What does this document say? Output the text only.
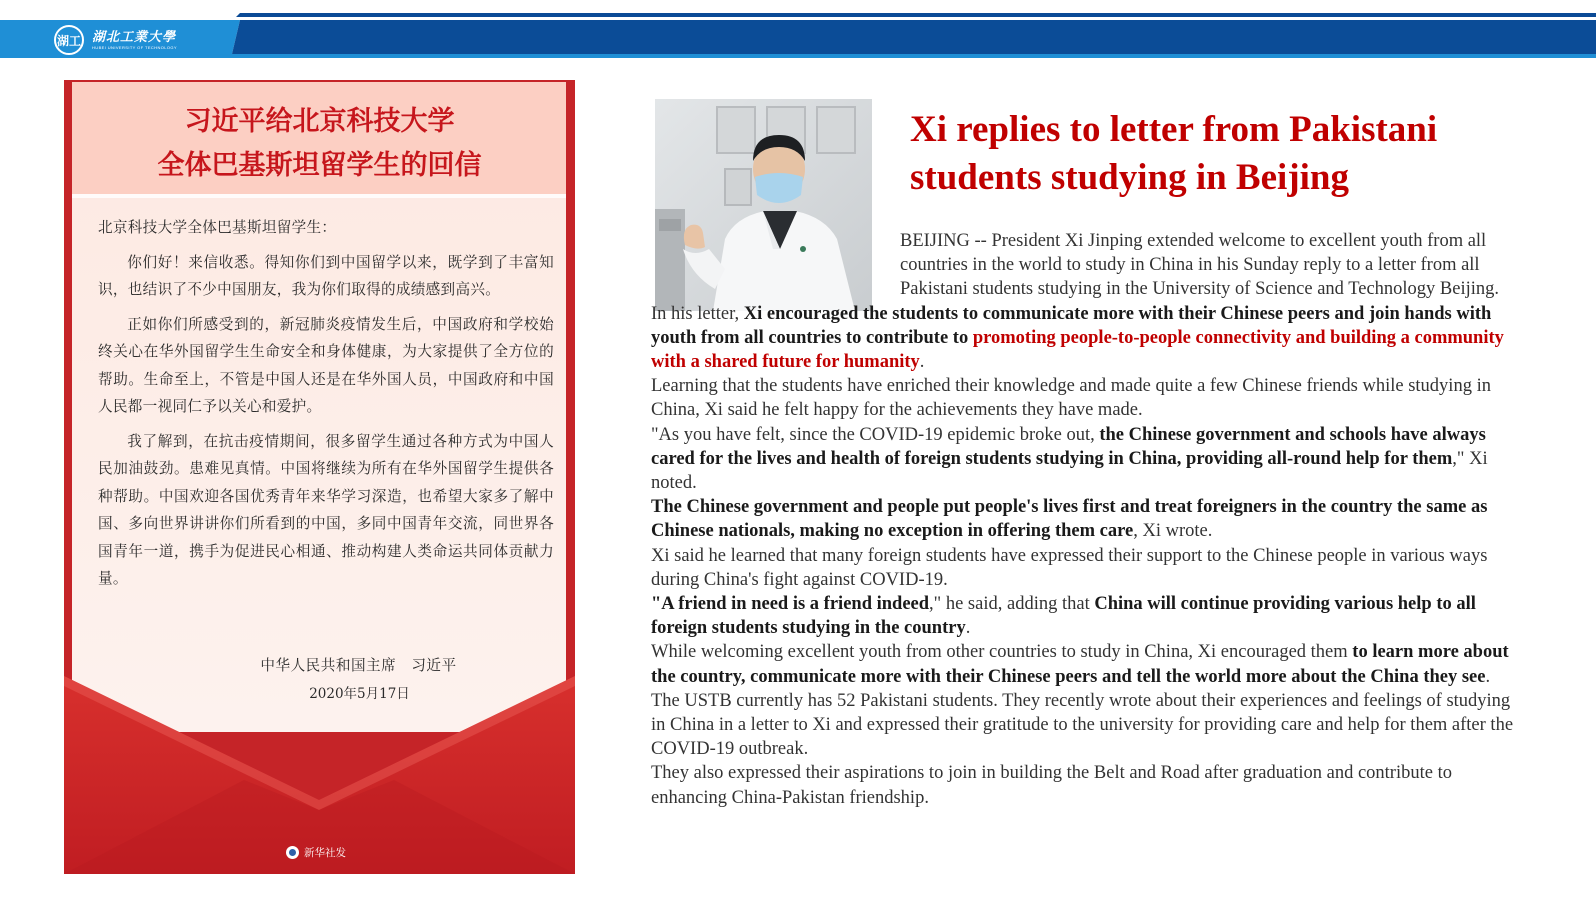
湖工 湖北工業大學
HUBEI UNIVERSITY OF TECHNOLOGY
习近平给北京科技大学
全体巴基斯坦留学生的回信

北京科技大学全体巴基斯坦留学生：

你们好！来信收悉。得知你们到中国留学以来，既学到了丰富知识，也结识了不少中国朋友，我为你们取得的成绩感到高兴。

正如你们所感受到的，新冠肺炎疫情发生后，中国政府和学校始终关心在华外国留学生生命安全和身体健康，为大家提供了全方位的帮助。生命至上，不管是中国人还是在华外国人员，中国政府和中国人民都一视同仁予以关心和爱护。

我了解到，在抗击疫情期间，很多留学生通过各种方式为中国人民加油鼓劲。患难见真情。中国将继续为所有在华外国留学生提供各种帮助。中国欢迎各国优秀青年来华学习深造，也希望大家多了解中国、多向世界讲讲你们所看到的中国，多同中国青年交流，同世界各国青年一道，携手为促进民心相通、推动构建人类命运共同体贡献力量。

中华人民共和国主席　习近平
2020年5月17日
新华社发
Xi replies to letter from Pakistani
students studying in Beijing

BEIJING -- President Xi Jinping extended welcome to excellent youth from all countries in the world to study in China in his Sunday reply to a letter from all Pakistani students studying in the University of Science and Technology Beijing.

In his letter, Xi encouraged the students to communicate more with their Chinese peers and join hands with youth from all countries to contribute to promoting people-to-people connectivity and building a community with a shared future for humanity.

Learning that the students have enriched their knowledge and made quite a few Chinese friends while studying in China, Xi said he felt happy for the achievements they have made.

"As you have felt, since the COVID-19 epidemic broke out, the Chinese government and schools have always cared for the lives and health of foreign students studying in China, providing all-round help for them," Xi noted.

The Chinese government and people put people's lives first and treat foreigners in the country the same as Chinese nationals, making no exception in offering them care, Xi wrote.

Xi said he learned that many foreign students have expressed their support to the Chinese people in various ways during China's fight against COVID-19.

"A friend in need is a friend indeed," he said, adding that China will continue providing various help to all foreign students studying in the country.

While welcoming excellent youth from other countries to study in China, Xi encouraged them to learn more about the country, communicate more with their Chinese peers and tell the world more about the China they see.

The USTB currently has 52 Pakistani students. They recently wrote about their experiences and feelings of studying in China in a letter to Xi and expressed their gratitude to the university for providing care and help for them after the COVID-19 outbreak.

They also expressed their aspirations to join in building the Belt and Road after graduation and contribute to enhancing China-Pakistan friendship.
